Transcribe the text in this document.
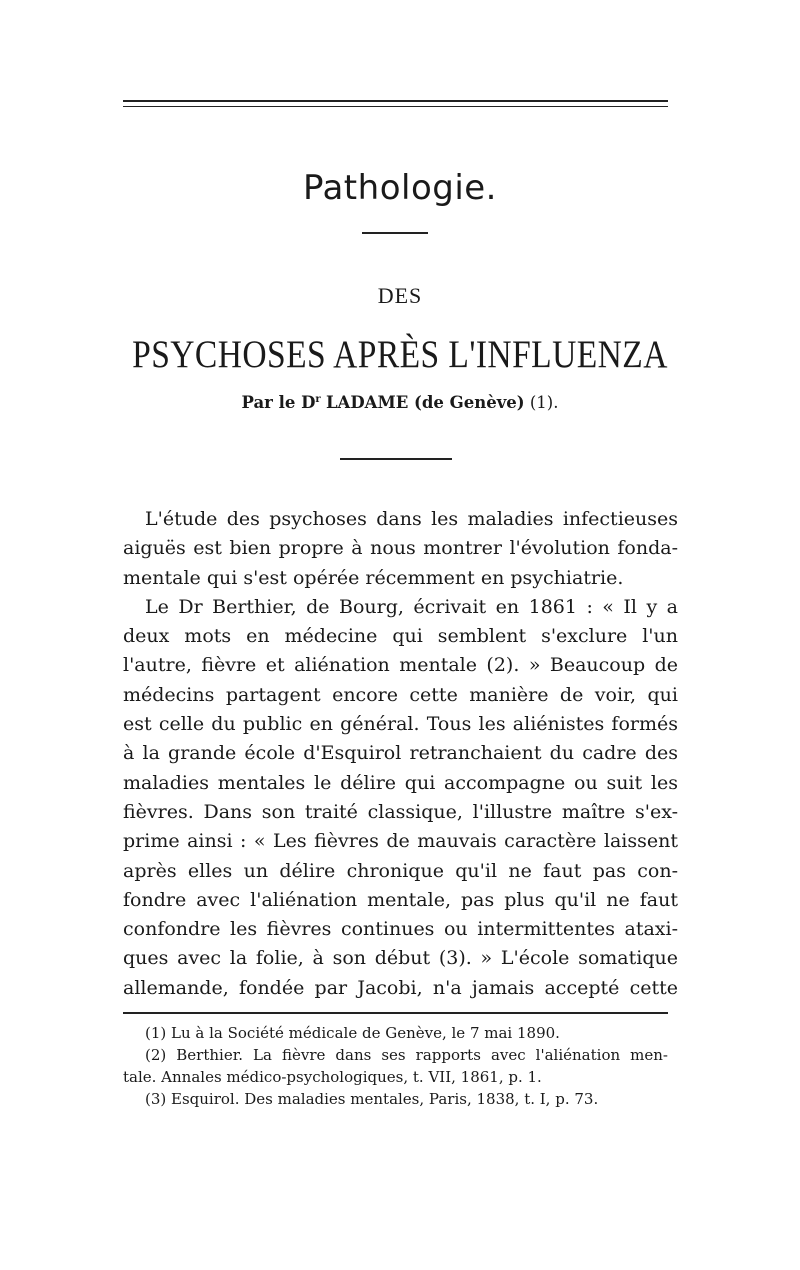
Pathologie.
DES
PSYCHOSES APRÈS L'INFLUENZA
Par le $D^r$ LADAME (de Genève) (1).
L'étude des psychoses dans les maladies infectieuses
aiguës est bien propre à nous montrer l'évolution fonda-
mentale qui s'est opérée récemment en psychiatrie.
Le Dr Berthier, de Bourg, écrivait en 1861 : « Il y a
deux mots en médecine qui semblent s'exclure l'un
l'autre, fièvre et aliénation mentale (2). » Beaucoup de
médecins partagent encore cette manière de voir, qui
est celle du public en général. Tous les aliénistes formés
à la grande école d'Esquirol retranchaient du cadre des
maladies mentales le délire qui accompagne ou suit les
fièvres. Dans son traité classique, l'illustre maître s'ex-
prime ainsi : « Les fièvres de mauvais caractère laissent
après elles un délire chronique qu'il ne faut pas con-
fondre avec l'aliénation mentale, pas plus qu'il ne faut
confondre les fièvres continues ou intermittentes ataxi-
ques avec la folie, à son début (3). » L'école somatique
allemande, fondée par Jacobi, n'a jamais accepté cette
(1) Lu à la Société médicale de Genève, le 7 mai 1890.
(2) Berthier. La fièvre dans ses rapports avec l'aliénation men-
tale. Annales médico-psychologiques, t. VII, 1861, p. 1.
(3) Esquirol. Des maladies mentales, Paris, 1838, t. I, p. 73.
